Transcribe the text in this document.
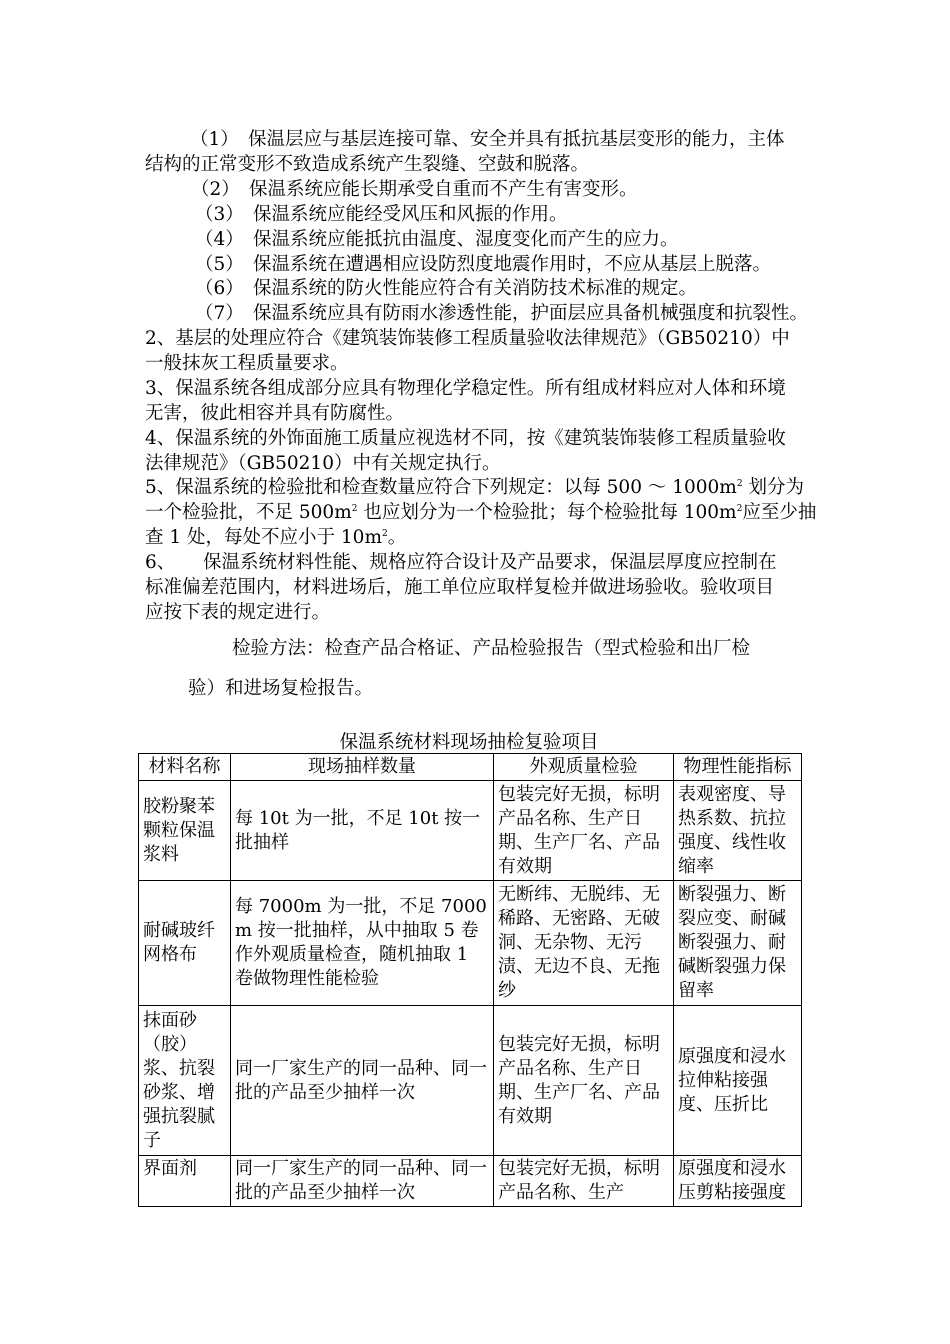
（1）　保温层应与基层连接可靠、安全并具有抵抗基层变形的能力，主体
结构的正常变形不致造成系统产生裂缝、空鼓和脱落。
（2）　保温系统应能长期承受自重而不产生有害变形。
（3）　保温系统应能经受风压和风振的作用。
（4）　保温系统应能抵抗由温度、湿度变化而产生的应力。
（5）　保温系统在遭遇相应设防烈度地震作用时，不应从基层上脱落。
（6）　保温系统的防火性能应符合有关消防技术标准的规定。
（7）　保温系统应具有防雨水渗透性能，护面层应具备机械强度和抗裂性。
2、基层的处理应符合《建筑装饰装修工程质量验收法律规范》（GB50210）中
一般抹灰工程质量要求。
3、保温系统各组成部分应具有物理化学稳定性。所有组成材料应对人体和环境
无害，彼此相容并具有防腐性。
4、保温系统的外饰面施工质量应视选材不同，按《建筑装饰装修工程质量验收
法律规范》（GB50210）中有关规定执行。
5、保温系统的检验批和检查数量应符合下列规定：以每 500 ～ $1000m^2$ 划分为
一个检验批，不足 $500m^2$ 也应划分为一个检验批；每个检验批每 $100m^2$应至少抽
查 1 处，每处不应小于 $10m^2$。
6、　　保温系统材料性能、规格应符合设计及产品要求，保温层厚度应控制在
标准偏差范围内，材料进场后，施工单位应取样复检并做进场验收。验收项目
应按下表的规定进行。
检验方法：检查产品合格证、产品检验报告（型式检验和出厂检
验）和进场复检报告。
保温系统材料现场抽检复验项目
材料名称	现场抽样数量	外观质量检验	物理性能指标
胶粉聚苯颗粒保温浆料	每 10t 为一批，不足 10t 按一批抽样	包装完好无损，标明产品名称、生产日期、生产厂名、产品有效期	表观密度、导热系数、抗拉强度、线性收缩率
耐碱玻纤网格布	每 7000m 为一批，不足 7000m 按一批抽样，从中抽取 5 卷作外观质量检查，随机抽取 1 卷做物理性能检验	无断纬、无脱纬、无稀路、无密路、无破洞、无杂物、无污渍、无边不良、无拖纱	断裂强力、断裂应变、耐碱断裂强力、耐碱断裂强力保留率
抹面砂（胶）浆、抗裂砂浆、增强抗裂腻子	同一厂家生产的同一品种、同一批的产品至少抽样一次	包装完好无损，标明产品名称、生产日期、生产厂名、产品有效期	原强度和浸水拉伸粘接强度、压折比
界面剂	同一厂家生产的同一品种、同一批的产品至少抽样一次	包装完好无损，标明产品名称、生产	原强度和浸水压剪粘接强度
